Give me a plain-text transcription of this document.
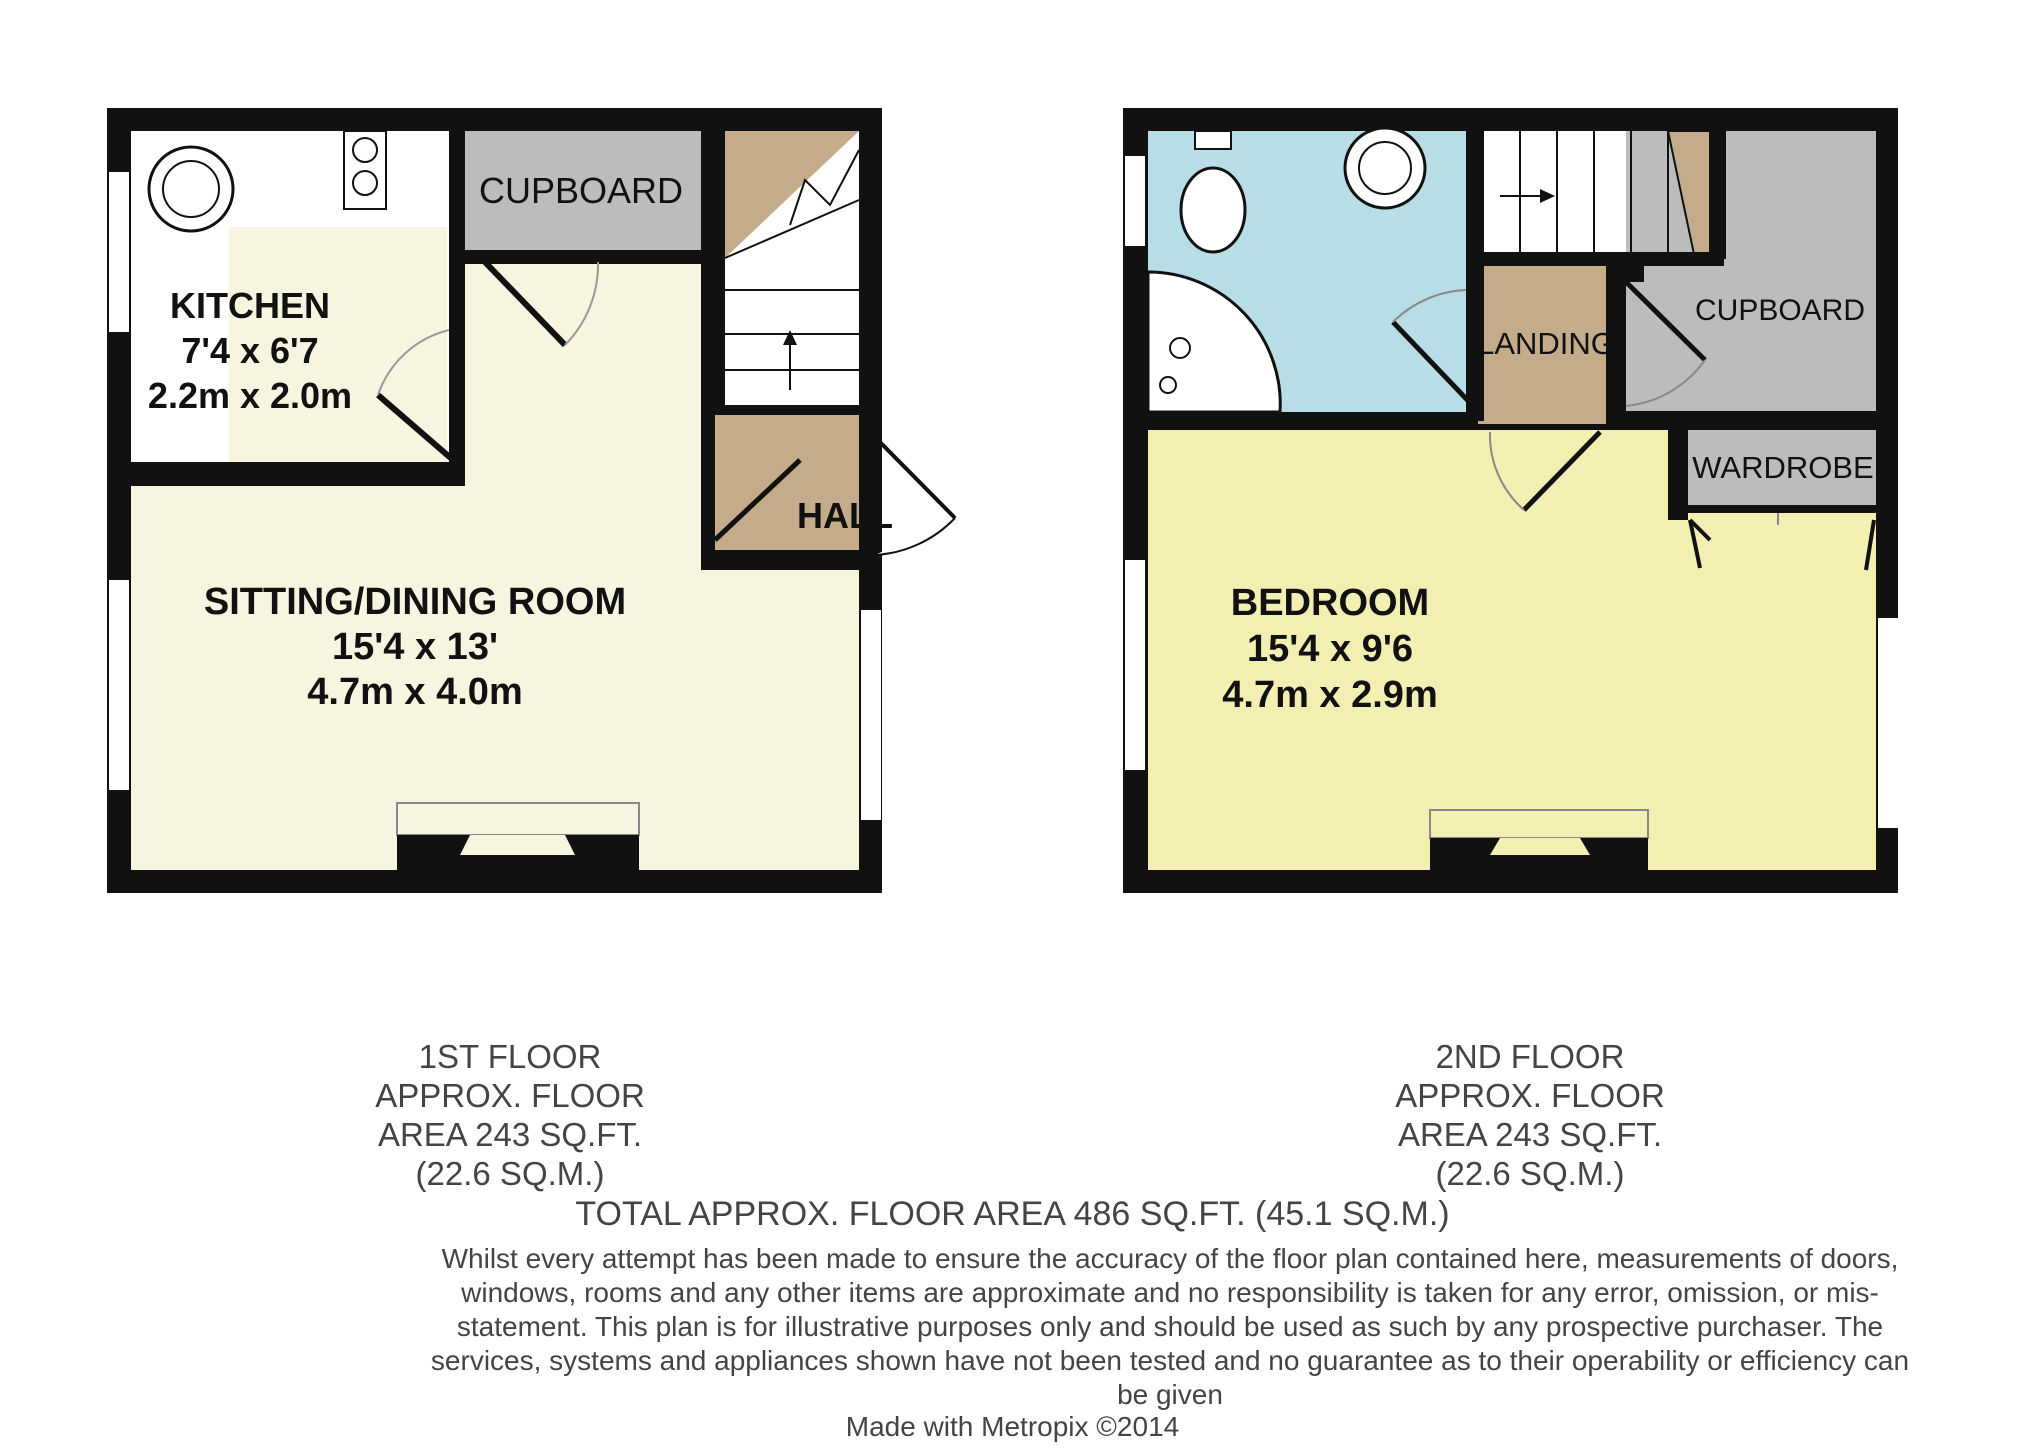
KITCHEN
7'4 x 6'7
2.2m x 2.0m
CUPBOARD
HALL
SITTING/DINING ROOM
15'4 x 13'
4.7m x 4.0m
LANDING
CUPBOARD
WARDROBE
BEDROOM
15'4 x 9'6
4.7m x 2.9m
1ST FLOOR
APPROX. FLOOR
AREA 243 SQ.FT.
(22.6 SQ.M.)
2ND FLOOR
APPROX. FLOOR
AREA 243 SQ.FT.
(22.6 SQ.M.)
TOTAL APPROX. FLOOR AREA 486 SQ.FT. (45.1 SQ.M.)
Whilst every attempt has been made to ensure the accuracy of the floor plan contained here, measurements of doors, windows, rooms and any other items are approximate and no responsibility is taken for any error, omission, or mis-statement. This plan is for illustrative purposes only and should be used as such by any prospective purchaser. The services, systems and appliances shown have not been tested and no guarantee as to their operability or efficiency can be given
Made with Metropix ©2014
